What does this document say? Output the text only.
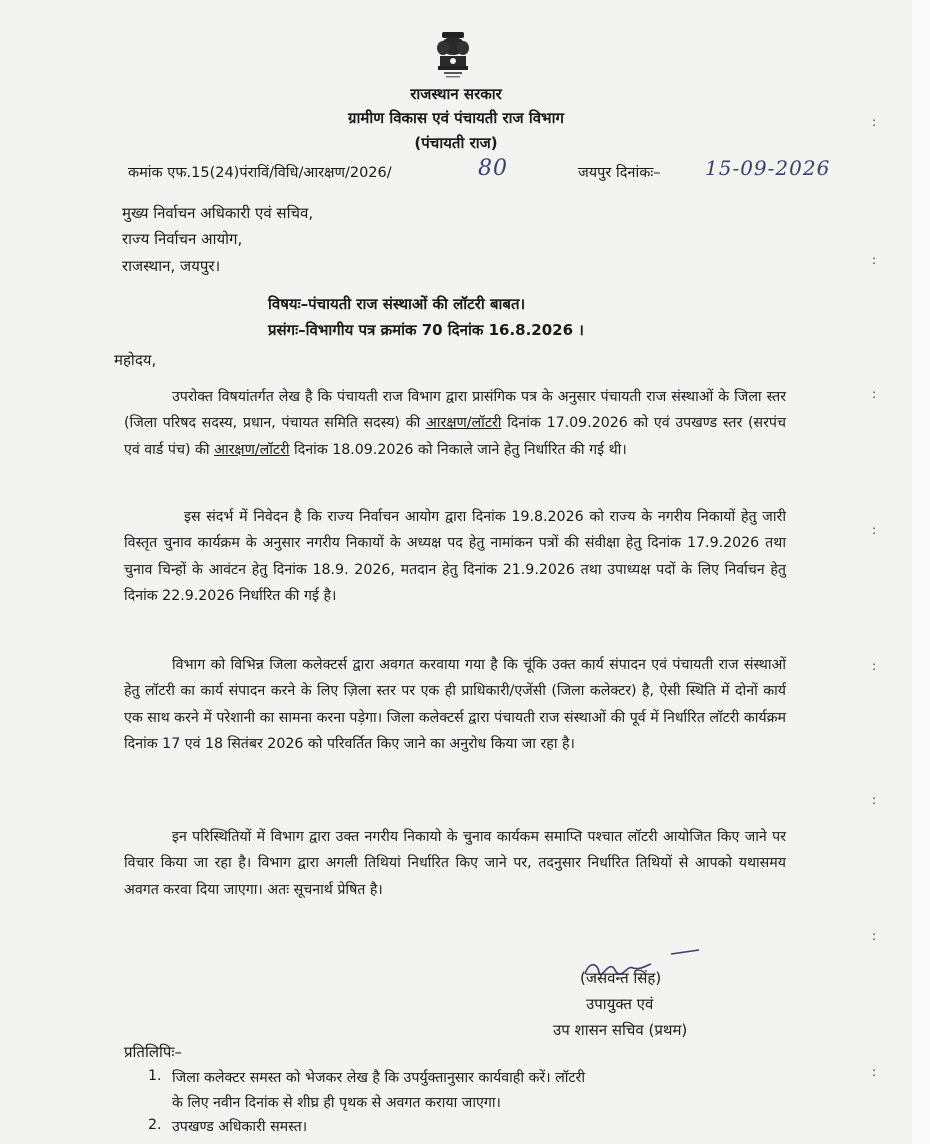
राजस्थान सरकार
ग्रामीण विकास एवं पंचायती राज विभाग
(पंचायती राज)
कमांक एफ.15(24)पंराविं/विधि/आरक्षण/2026/	80	जयपुर दिनांकः– 15-09-2026
मुख्य निर्वाचन अधिकारी एवं सचिव,
राज्य निर्वाचन आयोग,
राजस्थान, जयपुर।
विषयः–पंचायती राज संस्थाओं की लॉटरी बाबत।
प्रसंगः–विभागीय पत्र क्रमांक 70 दिनांक 16.8.2026 ।
महोदय,
उपरोक्त विषयांतर्गत लेख है कि पंचायती राज विभाग द्वारा प्रासंगिक पत्र के अनुसार पंचायती राज संस्थाओं के जिला स्तर (जिला परिषद सदस्य, प्रधान, पंचायत समिति सदस्य) की आरक्षण/लॉटरी दिनांक 17.09.2026 को एवं उपखण्ड स्तर (सरपंच एवं वार्ड पंच) की आरक्षण/लॉटरी दिनांक 18.09.2026 को निकाले जाने हेतु निर्धारित की गई थी।
इस संदर्भ में निवेदन है कि राज्य निर्वाचन आयोग द्वारा दिनांक 19.8.2026 को राज्य के नगरीय निकायों हेतु जारी विस्तृत चुनाव कार्यक्रम के अनुसार नगरीय निकायों के अध्यक्ष पद हेतु नामांकन पत्रों की संवीक्षा हेतु दिनांक 17.9.2026 तथा चुनाव चिन्हों के आवंटन हेतु दिनांक 18.9. 2026, मतदान हेतु दिनांक 21.9.2026 तथा उपाध्यक्ष पदों के लिए निर्वाचन हेतु दिनांक 22.9.2026 निर्धारित की गई है।
विभाग को विभिन्न जिला कलेक्टर्स द्वारा अवगत करवाया गया है कि चूंकि उक्त कार्य संपादन एवं पंचायती राज संस्थाओं हेतु लॉटरी का कार्य संपादन करने के लिए ज़िला स्तर पर एक ही प्राधिकारी/एजेंसी (जिला कलेक्टर) है, ऐसी स्थिति में दोनों कार्य एक साथ करने में परेशानी का सामना करना पड़ेगा। जिला कलेक्टर्स द्वारा पंचायती राज संस्थाओं की पूर्व में निर्धारित लॉटरी कार्यक्रम दिनांक 17 एवं 18 सितंबर 2026 को परिवर्तित किए जाने का अनुरोध किया जा रहा है।
इन परिस्थितियों में विभाग द्वारा उक्त नगरीय निकायो के चुनाव कार्यकम समाप्ति पश्चात लॉटरी आयोजित किए जाने पर विचार किया जा रहा है। विभाग द्वारा अगली तिथियां निर्धारित किए जाने पर, तदनुसार निर्धारित तिथियों से आपको यथासमय अवगत करवा दिया जाएगा। अतः सूचनार्थ प्रेषित है।
(जसवन्त सिंह)
उपायुक्त एवं
उप शासन सचिव (प्रथम)
प्रतिलिपिः–
1. जिला कलेक्टर समस्त को भेजकर लेख है कि उपर्युक्तानुसार कार्यवाही करें। लॉटरी
के लिए नवीन दिनांक से शीघ्र ही पृथक से अवगत कराया जाएगा।
2. उपखण्ड अधिकारी समस्त।
:
:
:
:
:
:
:
:
